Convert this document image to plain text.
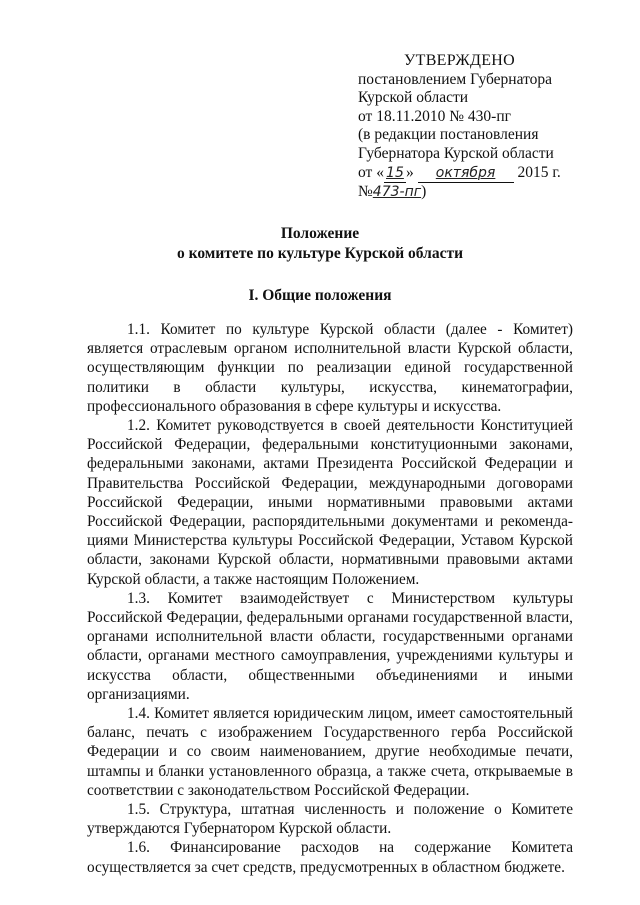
УТВЕРЖДЕНО
постановлением Губернатора
Курской области
от 18.11.2010 № 430-пг
(в редакции постановления
Губернатора Курской области
от « 15 » октября 2015 г.
№473-пг)
Положение
о комитете по культуре Курской области
I. Общие положения

1.1. Комитет по культуре Курской области (далее - Комитет) является отраслевым органом исполнительной власти Курской области, осуществляющим функции по реализации единой государственной политики в области культуры, искусства, кинематографии, профессионального образования в сфере культуры и искусства.

1.2. Комитет руководствуется в своей деятельности Конституцией Российской Федерации, федеральными конституционными законами, федеральными законами, актами Президента Российской Федерации и Правительства Российской Федерации, международными договорами Российской Федерации, иными нормативными правовыми актами Российской Федерации, распорядительными документами и рекоменда-циями Министерства культуры Российской Федерации, Уставом Курской области, законами Курской области, нормативными правовыми актами Курской области, а также настоящим Положением.

1.3. Комитет взаимодействует с Министерством культуры Российской Федерации, федеральными органами государственной власти, органами исполнительной власти области, государственными органами области, органами местного самоуправления, учреждениями культуры и искусства области, общественными объединениями и иными организациями.

1.4. Комитет является юридическим лицом, имеет самостоятельный баланс, печать с изображением Государственного герба Российской Федерации и со своим наименованием, другие необходимые печати, штампы и бланки установленного образца, а также счета, открываемые в соответствии с законодательством Российской Федерации.

1.5. Структура, штатная численность и положение о Комитете утверждаются Губернатором Курской области.

1.6. Финансирование расходов на содержание Комитета осуществляется за счет средств, предусмотренных в областном бюджете.
